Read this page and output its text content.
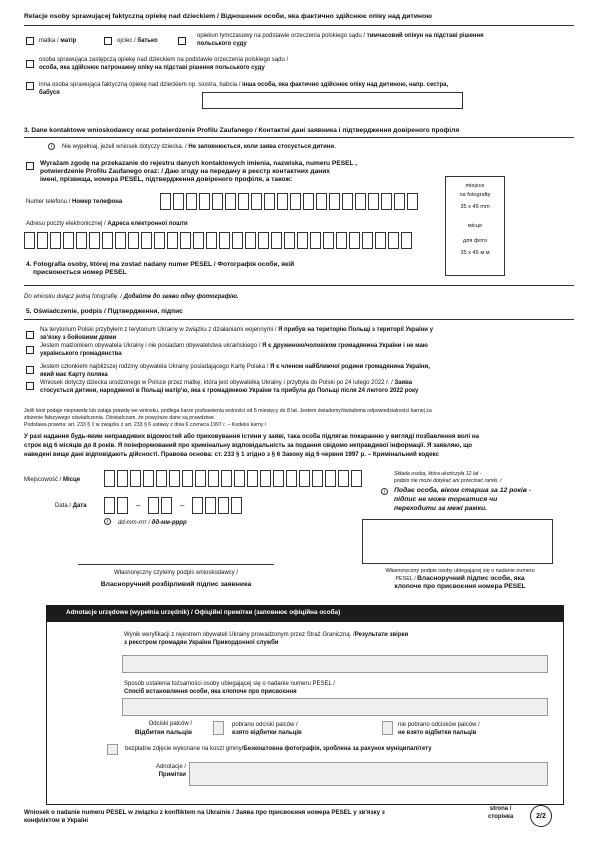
Relacje osoby sprawującej faktyczną opiekę nad dzieckiem / Відношення особи, яка фактично здійснює опіку над дитиною
matka / матір	ojciec / батько
opiekun tymczasowy na podstawie orzeczenia polskiego sądu / тимчасовий опікун на підставі рішення польського суду
osoba sprawująca zastępczą opiekę nad dzieckiem na podstawie orzeczenia polskiego sądu /
особа, яка здійснює патронажну опіку на підставі рішення польського суду
inna osoba sprawująca faktyczną opiekę nad dzieckiem np. siostra, babcia / інша особа, яка фактично здійснює опіку над дитиною, напр. сестра,
бабуся
3. Dane kontaktowe wnioskodawcy oraz potwierdzenie Profilu Zaufanego / Контактні дані заявника і підтвердження довіреного профіля
i	Nie wypełniaj, jeżeli wniosek dotyczy dziecka. / Не заповнюється, коли заява стосується дитини.
Wyrażam zgodę na przekazanie do rejestru danych kontaktowych imienia, nazwiska, numeru PESEL ,
potwierdzenie Profilu Zaufanego oraz: / Даю згоду на передачу в реєстр контактних даних
імені, прізвища, номера PESEL, підтвердження довіреного профіля, а також:
Numer telefonu / Номер телефона
Adresu poczty elektronicznej / Адреса електронної пошти
miejsce
na fotografię
35 x 45 mm
місце
для фото
35 x 45 м м
4. Fotografia osoby, której ma zostać nadany numer PESEL / Фотографія особи, якій
присвоюється номер PESEL
Do wniosku dołącz jedną fotografię. / Додайте до заяви одну фотографію.
5. Oświadczenie, podpis / Підтвердження, підпис
Na terytorium Polski przybyłem z terytorium Ukrainy w związku z działaniami wojennymi / Я прибув на територію Польщі з території України у
зв'язку з бойовими діями
Jestem małżonkiem obywatela Ukrainy i nie posiadam obywatelstwa ukraińskiego / Я є дружиною/чоловіком громадянина України і не маю
українського громадянства
Jestem członkiem najbliższej rodziny obywatela Ukrainy posiadającego Kartę Polaka / Я є членом найближчої родини громадянина України,
який має Карту поляка
Wniosek dotyczy dziecka urodzonego w Polsce przez matkę, która jest obywatelką Ukrainy i przybyła do Polski po 24 lutego 2022 r. / Заява
стосується дитини, народженої в Польщі матір'ю, яка є громадянкою України та прибула до Польщі після 24 лютого 2022 року
Jeśli ktoś podaje nieprawdę lub zataja prawdę we wniosku, podlega karze pozbawienia wolności od 6 miesięcy do 8 lat. Jestem świadomy/świadoma odpowiedzialności karnej za
złożenie fałszywego oświadczenia. Oświadczam, że powyższe dane są prawdziwe.
Podstawa prawna: art. 233 § 1 w związku z art. 233 § 6 ustawy z dnia 6 czerwca 1997 r. – Kodeks karny /
У разі надання будь-яким неправдивих відомостей або приховування істини у заяві, така особа підлягає покаранню у вигляді позбавлення волі на
строк від 6 місяців до 8 років. Я поінформований про кримінальну відповідальність за подання свідомо неправдивої інформації. Я заявляю, що
наведені вище дані відповідають дійсності. Правова основа: ст. 233 § 1 згідно з § 6 Закону від 6 червня 1997 р. – Кримінальний кодекс
Miejscowość / Місце
Data / Дата	–	–
i	dd-mm-rrrr / дд-мм-рррр
Składa osoba, która ukończyła 12 lat -
podpis nie może dotykać ani przecinać ramki. /
i	Подає особа, віком старша за 12 років -
підпис не може торкатися чи
переходити за межі рамки.
Własnoręczny czytelny podpis wnioskodawcy /
Власноручний розбірливий підпис заявника
Własnoręczny podpis osoby ubiegającej się o nadanie numeru
PESEL / Власноручний підпис особи, яка
клопоче про присвоєння номера PESEL
Adnotacje urzędowe (wypełnia urzędnik) / Офіційні примітки (заповнює офіційна особа)
Wynik weryfikacji z rejestrem obywateli Ukrainy prowadzonym przez Straż Graniczną. /Результати звірки
з реєстром громадян України Прикордонної служби
Sposób ustalenia tożsamości osoby ubiegającej się o nadanie numeru PESEL /
Спосіб встановлення особи, яка клопоче про присвоєння
Odciski palców /
Відбитки пальців
pobrano odciski palców /
взято відбитки пальців
nie pobrano odcisków palców /
не взято відбитки пальців
bezpłatne zdjęcie wykonane na koszt gminy/Безкоштовна фотографія, зроблена за рахунок муніципалітету
Adnotacje /
Примітки
Wniosek o nadanie numeru PESEL w związku z konfliktem na Ukrainie / Заява про присвоєння номера PESEL у зв'язку з
конфліктом в Україні
strona /
сторінка	2/2
